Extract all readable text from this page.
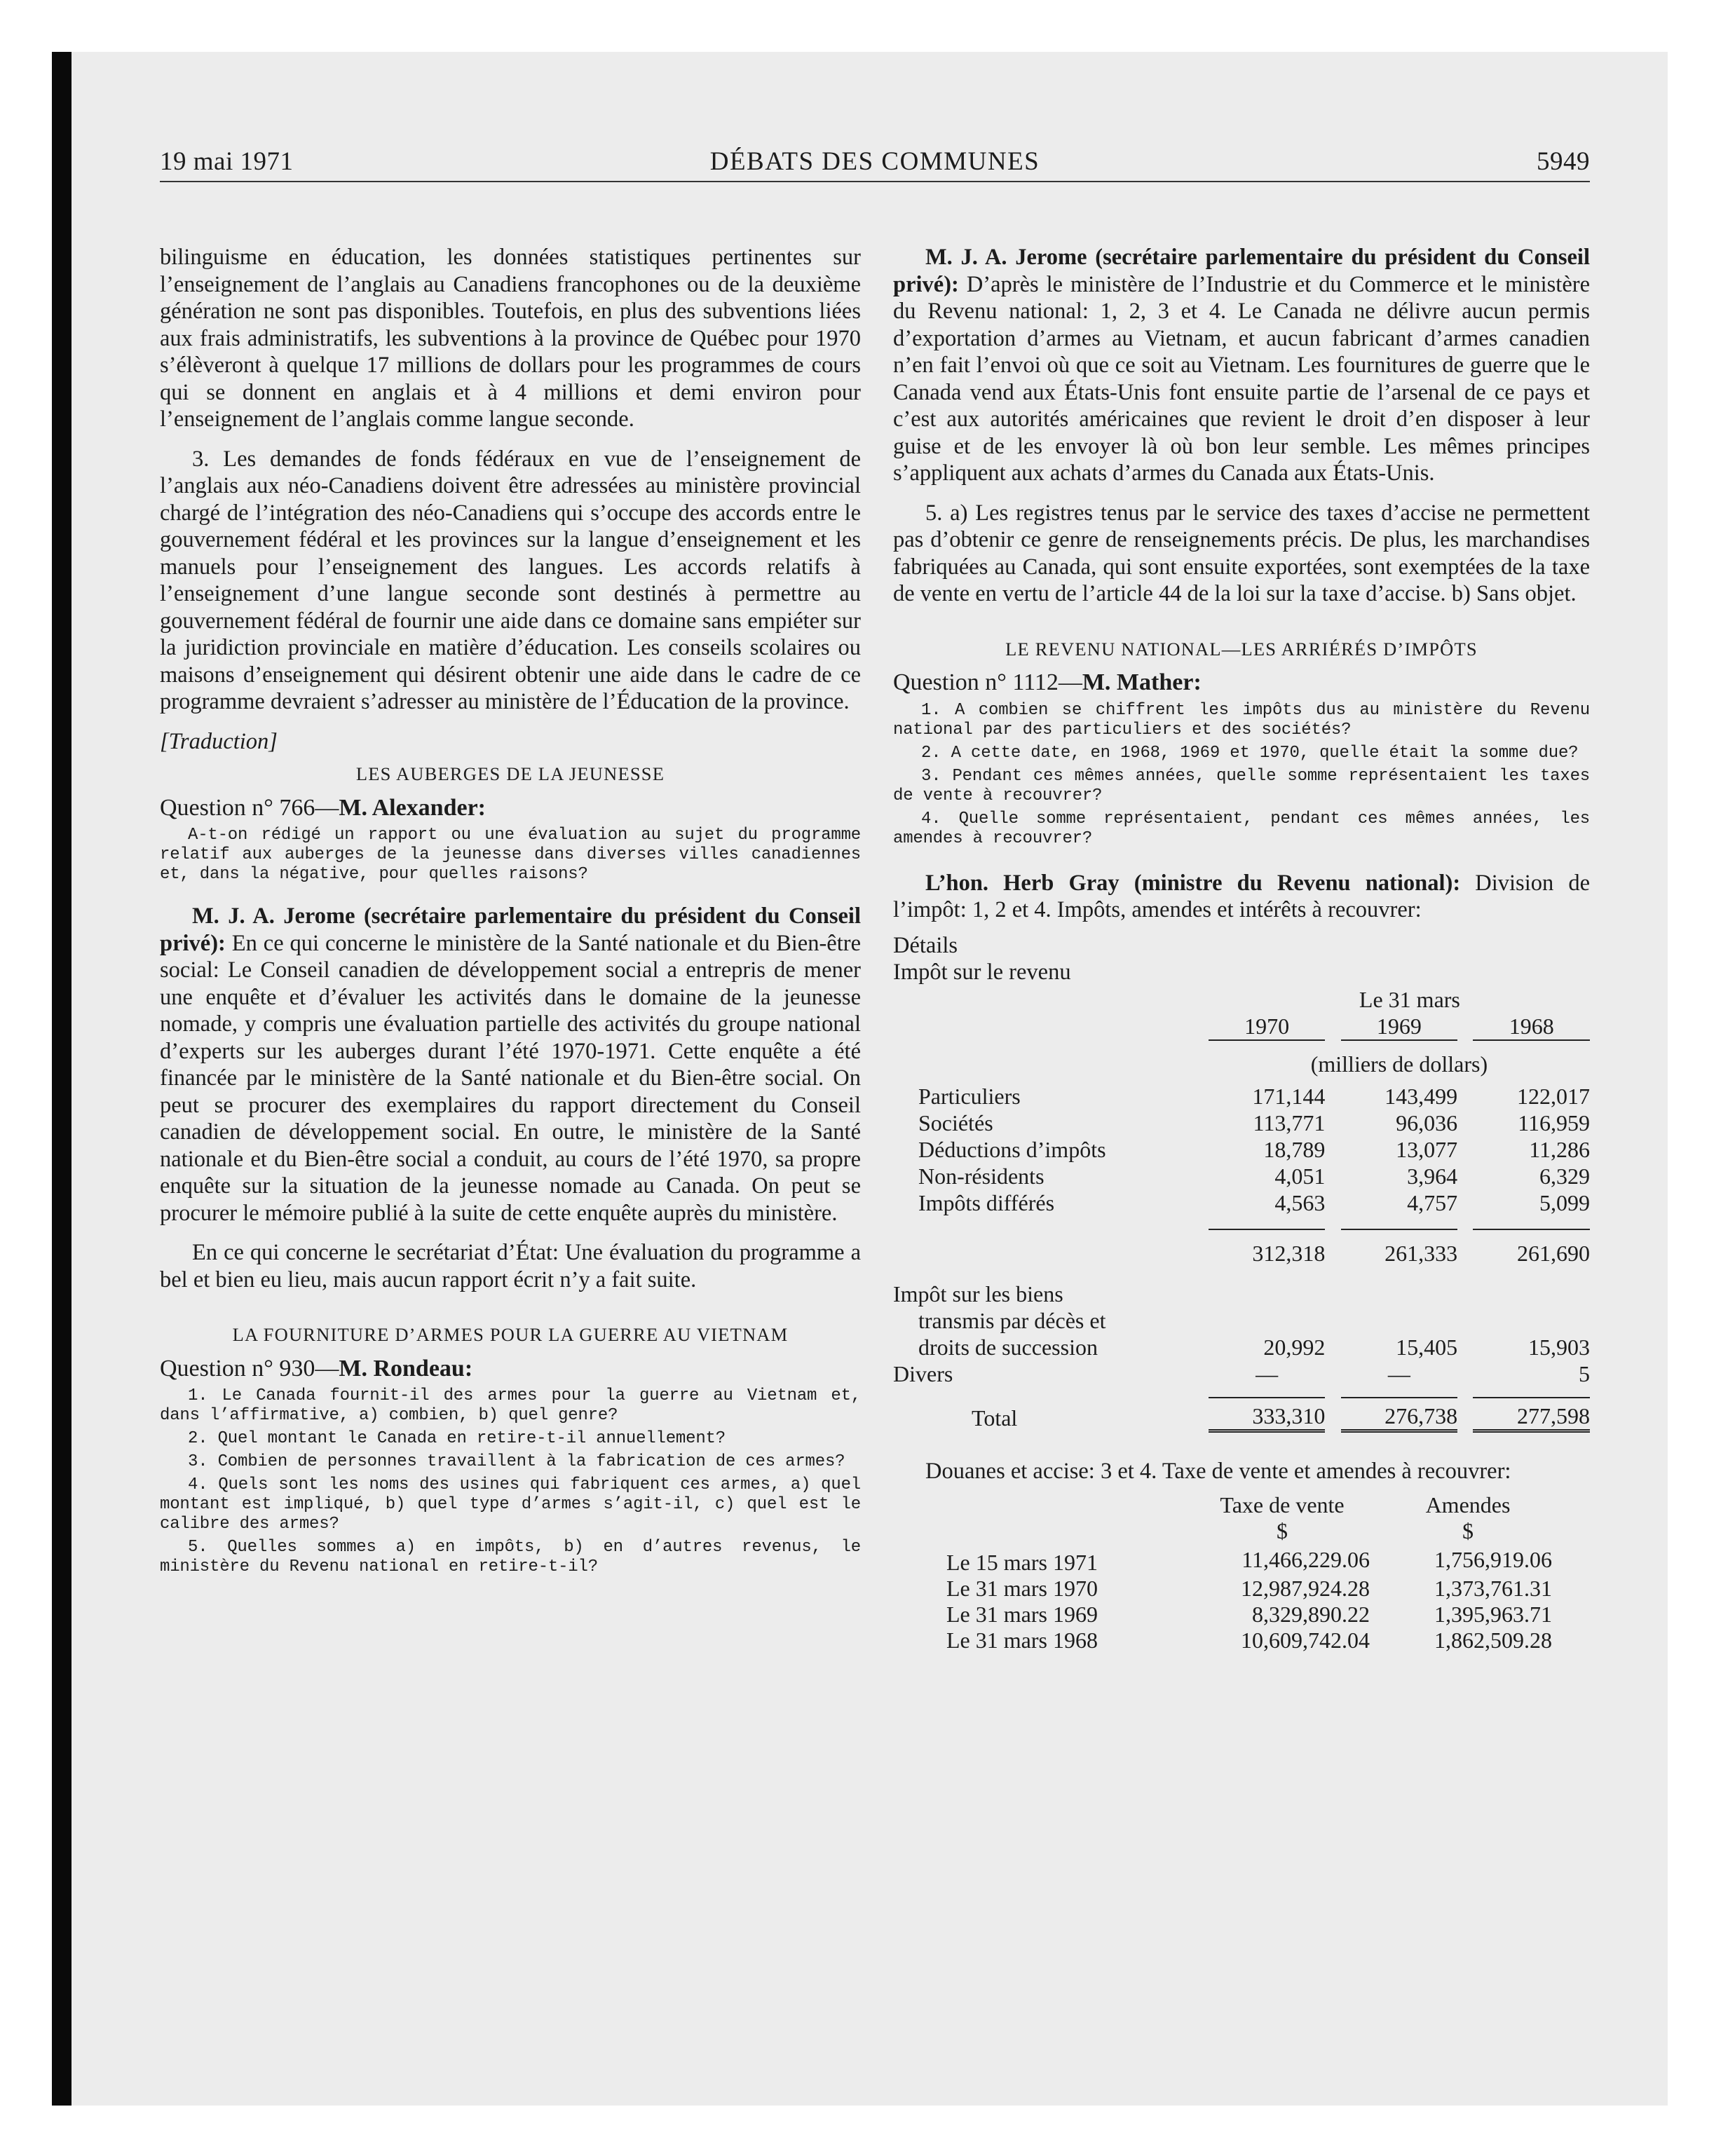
19 mai 1971	DÉBATS DES COMMUNES	5949

bilinguisme en éducation, les données statistiques pertinentes sur l’enseignement de l’anglais au Canadiens francophones ou de la deuxième génération ne sont pas disponibles. Toutefois, en plus des subventions liées aux frais administratifs, les subventions à la province de Québec pour 1970 s’élèveront à quelque 17 millions de dollars pour les programmes de cours qui se donnent en anglais et à 4 millions et demi environ pour l’enseignement de l’anglais comme langue seconde.

3. Les demandes de fonds fédéraux en vue de l’enseignement de l’anglais aux néo-Canadiens doivent être adressées au ministère provincial chargé de l’intégration des néo-Canadiens qui s’occupe des accords entre le gouvernement fédéral et les provinces sur la langue d’enseignement et les manuels pour l’enseignement des langues. Les accords relatifs à l’enseignement d’une langue seconde sont destinés à permettre au gouvernement fédéral de fournir une aide dans ce domaine sans empiéter sur la juridiction provinciale en matière d’éducation. Les conseils scolaires ou maisons d’enseignement qui désirent obtenir une aide dans le cadre de ce programme devraient s’adresser au ministère de l’Éducation de la province.

[Traduction]
LES AUBERGES DE LA JEUNESSE
Question n° 766—M. Alexander:
A-t-on rédigé un rapport ou une évaluation au sujet du programme relatif aux auberges de la jeunesse dans diverses villes canadiennes et, dans la négative, pour quelles raisons?

M. J. A. Jerome (secrétaire parlementaire du président du Conseil privé): En ce qui concerne le ministère de la Santé nationale et du Bien-être social: Le Conseil canadien de développement social a entrepris de mener une enquête et d’évaluer les activités dans le domaine de la jeunesse nomade, y compris une évaluation partielle des activités du groupe national d’experts sur les auberges durant l’été 1970-1971. Cette enquête a été financée par le ministère de la Santé nationale et du Bien-être social. On peut se procurer des exemplaires du rapport directement du Conseil canadien de développement social. En outre, le ministère de la Santé nationale et du Bien-être social a conduit, au cours de l’été 1970, sa propre enquête sur la situation de la jeunesse nomade au Canada. On peut se procurer le mémoire publié à la suite de cette enquête auprès du ministère.

En ce qui concerne le secrétariat d’État: Une évaluation du programme a bel et bien eu lieu, mais aucun rapport écrit n’y a fait suite.

LA FOURNITURE D’ARMES POUR LA GUERRE AU VIETNAM
Question n° 930—M. Rondeau:
1. Le Canada fournit-il des armes pour la guerre au Vietnam et, dans l’affirmative, a) combien, b) quel genre?
2. Quel montant le Canada en retire-t-il annuellement?
3. Combien de personnes travaillent à la fabrication de ces armes?
4. Quels sont les noms des usines qui fabriquent ces armes, a) quel montant est impliqué, b) quel type d’armes s’agit-il, c) quel est le calibre des armes?
5. Quelles sommes a) en impôts, b) en d’autres revenus, le ministère du Revenu national en retire-t-il?

M. J. A. Jerome (secrétaire parlementaire du président du Conseil privé): D’après le ministère de l’Industrie et du Commerce et le ministère du Revenu national: 1, 2, 3 et 4. Le Canada ne délivre aucun permis d’exportation d’armes au Vietnam, et aucun fabricant d’armes canadien n’en fait l’envoi où que ce soit au Vietnam. Les fournitures de guerre que le Canada vend aux États-Unis font ensuite partie de l’arsenal de ce pays et c’est aux autorités américaines que revient le droit d’en disposer à leur guise et de les envoyer là où bon leur semble. Les mêmes principes s’appliquent aux achats d’armes du Canada aux États-Unis.

5. a) Les registres tenus par le service des taxes d’accise ne permettent pas d’obtenir ce genre de renseignements précis. De plus, les marchandises fabriquées au Canada, qui sont ensuite exportées, sont exemptées de la taxe de vente en vertu de l’article 44 de la loi sur la taxe d’accise. b) Sans objet.

LE REVENU NATIONAL—LES ARRIÉRÉS D’IMPÔTS
Question n° 1112—M. Mather:
1. A combien se chiffrent les impôts dus au ministère du Revenu national par des particuliers et des sociétés?
2. A cette date, en 1968, 1969 et 1970, quelle était la somme due?
3. Pendant ces mêmes années, quelle somme représentaient les taxes de vente à recouvrer?
4. Quelle somme représentaient, pendant ces mêmes années, les amendes à recouvrer?

L’hon. Herb Gray (ministre du Revenu national): Division de l’impôt: 1, 2 et 4. Impôts, amendes et intérêts à recouvrer:

Détails
Impôt sur le revenu
	Le 31 mars				
	1970		1969		1968
	(milliers de dollars)				
Particuliers	171,144		143,499		122,017
Sociétés	113,771		96,036		116,959
Déductions d’impôts	18,789		13,077		11,286
Non-résidents	4,051		3,964		6,329
Impôts différés	4,563		4,757		5,099

	312,318		261,333		261,690
Impôt sur les biens					
transmis par décès et					
droits de succession	20,992		15,405		15,903
Divers	—		—		5

Total	333,310		276,738		277,598

Douanes et accise: 3 et 4. Taxe de vente et amendes à recouvrer:

	Taxe de vente	Amendes	
	$	$	
Le 15 mars 1971	11,466,229.06	1,756,919.06	
Le 31 mars 1970	12,987,924.28	1,373,761.31	
Le 31 mars 1969	8,329,890.22	1,395,963.71	
Le 31 mars 1968	10,609,742.04	1,862,509.28	
